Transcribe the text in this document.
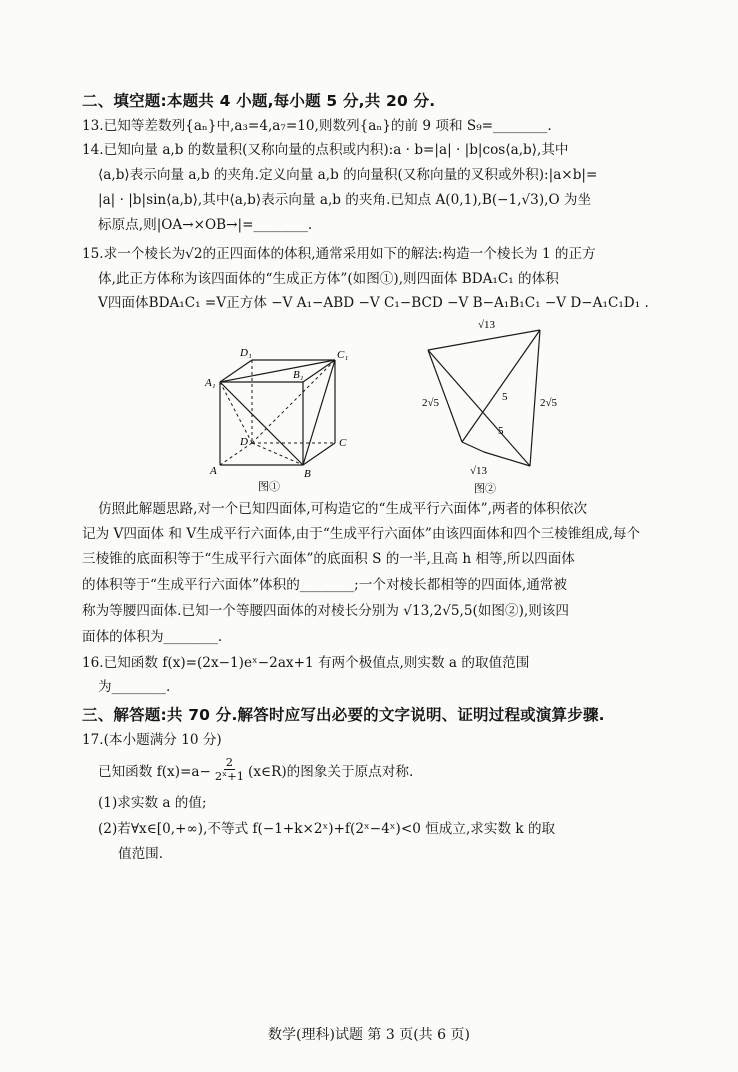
二、填空题:本题共 4 小题,每小题 5 分,共 20 分.
13.已知等差数列{aₙ}中,a₃=4,a₇=10,则数列{aₙ}的前 9 项和 S₉=________.
14.已知向量 a,b 的数量积(又称向量的点积或内积):a · b=|a| · |b|cos⟨a,b⟩,其中
⟨a,b⟩表示向量 a,b 的夹角.定义向量 a,b 的向量积(又称向量的叉积或外积):|a×b|=
|a| · |b|sin⟨a,b⟩,其中⟨a,b⟩表示向量 a,b 的夹角.已知点 A(0,1),B(−1,√3),O 为坐
标原点,则|OA→×OB→|=________.
15.求一个棱长为√2的正四面体的体积,通常采用如下的解法:构造一个棱长为 1 的正方
体,此正方体称为该四面体的“生成正方体”(如图①),则四面体 BDA₁C₁ 的体积
V四面体BDA₁C₁ =V正方体 −V A₁−ABD −V C₁−BCD −V B−A₁B₁C₁ −V D−A₁C₁D₁ .
D₁	C₁
A₁
B₁
D	C
A	B
图①
√13
2√5	2√5
5
5
√13
图②
仿照此解题思路,对一个已知四面体,可构造它的“生成平行六面体”,两者的体积依次
记为 V四面体 和 V生成平行六面体,由于“生成平行六面体”由该四面体和四个三棱锥组成,每个
三棱锥的底面积等于“生成平行六面体”的底面积 S 的一半,且高 h 相等,所以四面体
的体积等于“生成平行六面体”体积的________;一个对棱长都相等的四面体,通常被
称为等腰四面体.已知一个等腰四面体的对棱长分别为 √13,2√5,5(如图②),则该四
面体的体积为________.
16.已知函数 f(x)=(2x−1)eˣ−2ax+1 有两个极值点,则实数 a 的取值范围
为________.
三、解答题:共 70 分.解答时应写出必要的文字说明、证明过程或演算步骤.
17.(本小题满分 10 分)
已知函数 $f(x)=a- \frac{2}{\text{2ˣ+1}}$ (x∈R)的图象关于原点对称.
(1)求实数 a 的值;
(2)若∀x∈[0,+∞),不等式 f(−1+k×2ˣ)+f(2ˣ−4ˣ)<0 恒成立,求实数 k 的取
值范围.
数学(理科)试题 第 3 页(共 6 页)
